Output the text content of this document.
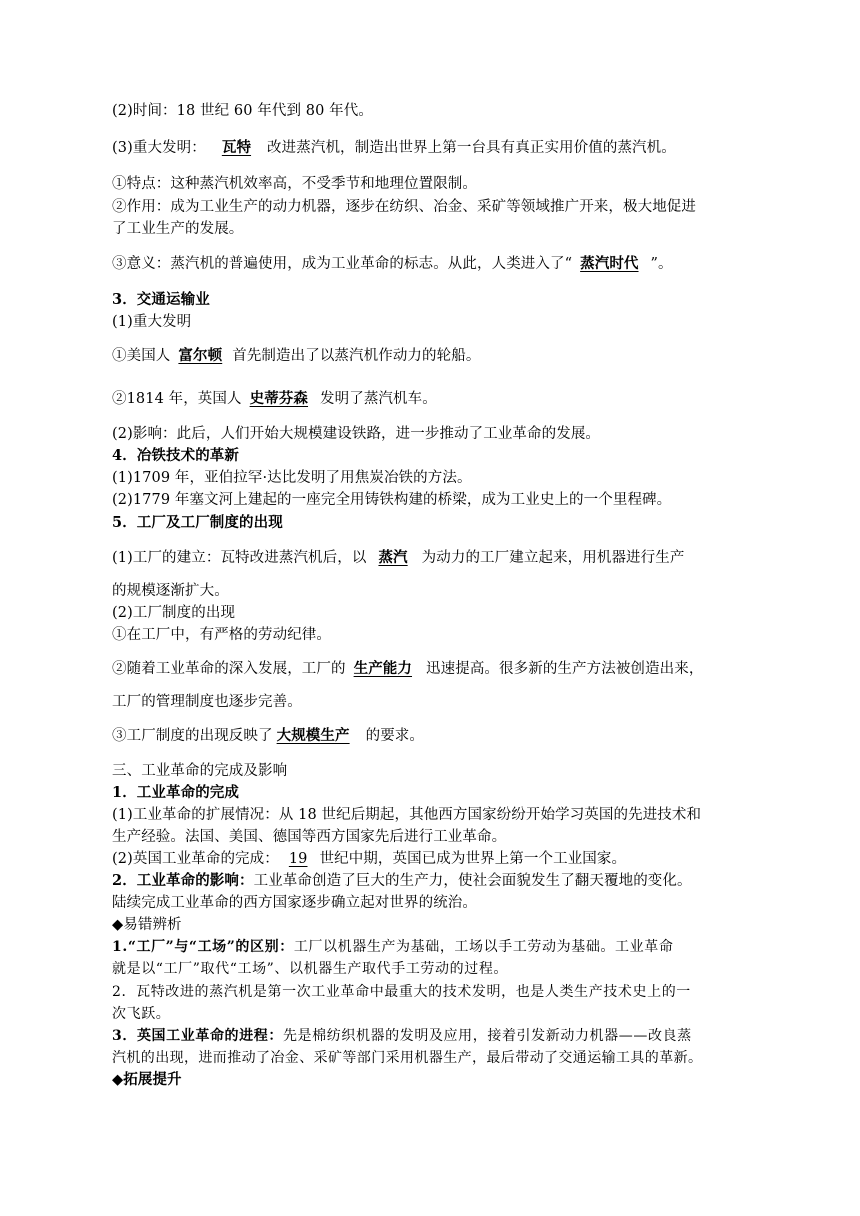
(2)时间：18 世纪 60 年代到 80 年代。
(3)重大发明： 瓦特 改进蒸汽机，制造出世界上第一台具有真正实用价值的蒸汽机。
①特点：这种蒸汽机效率高，不受季节和地理位置限制。
②作用：成为工业生产的动力机器，逐步在纺织、冶金、采矿等领域推广开来，极大地促进
了工业生产的发展。
③意义：蒸汽机的普遍使用，成为工业革命的标志。从此，人类进入了“ 蒸汽时代 ”。
3．交通运输业
(1)重大发明
①美国人 富尔顿 首先制造出了以蒸汽机作动力的轮船。
②1814 年，英国人 史蒂芬森 发明了蒸汽机车。
(2)影响：此后，人们开始大规模建设铁路，进一步推动了工业革命的发展。
4．冶铁技术的革新
(1)1709 年，亚伯拉罕·达比发明了用焦炭冶铁的方法。
(2)1779 年塞文河上建起的一座完全用铸铁构建的桥梁，成为工业史上的一个里程碑。
5．工厂及工厂制度的出现
(1)工厂的建立：瓦特改进蒸汽机后，以 蒸汽 为动力的工厂建立起来，用机器进行生产
的规模逐渐扩大。
(2)工厂制度的出现
①在工厂中，有严格的劳动纪律。
②随着工业革命的深入发展，工厂的 生产能力 迅速提高。很多新的生产方法被创造出来，
工厂的管理制度也逐步完善。
③工厂制度的出现反映了 大规模生产 的要求。
三、工业革命的完成及影响
1．工业革命的完成
(1)工业革命的扩展情况：从 18 世纪后期起，其他西方国家纷纷开始学习英国的先进技术和
生产经验。法国、美国、德国等西方国家先后进行工业革命。
(2)英国工业革命的完成： 19 世纪中期，英国已成为世界上第一个工业国家。
2．工业革命的影响：工业革命创造了巨大的生产力，使社会面貌发生了翻天覆地的变化。
陆续完成工业革命的西方国家逐步确立起对世界的统治。
◆易错辨析
1.“工厂”与“工场”的区别：工厂以机器生产为基础，工场以手工劳动为基础。工业革命
就是以“工厂”取代“工场”、以机器生产取代手工劳动的过程。
2．瓦特改进的蒸汽机是第一次工业革命中最重大的技术发明，也是人类生产技术史上的一
次飞跃。
3．英国工业革命的进程：先是棉纺织机器的发明及应用，接着引发新动力机器——改良蒸
汽机的出现，进而推动了冶金、采矿等部门采用机器生产，最后带动了交通运输工具的革新。
◆拓展提升
